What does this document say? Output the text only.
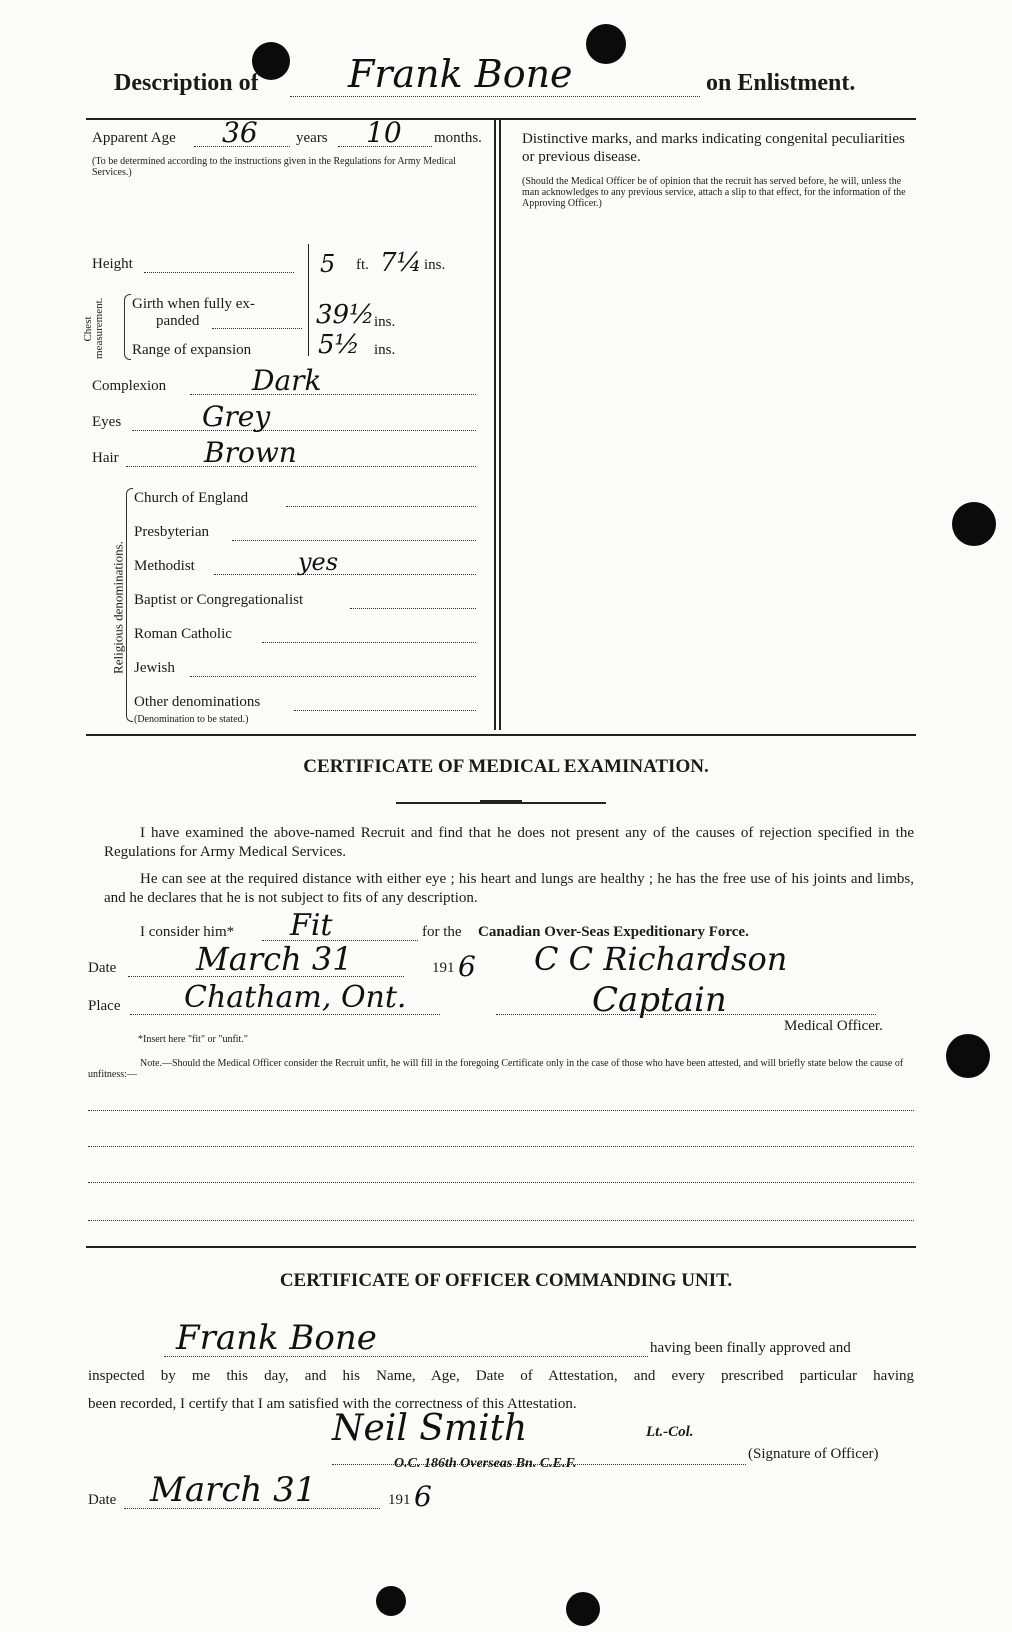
Description of Frank Bone	on Enlistment.
Apparent Age 36	years 10 months.
(To be determined according to the instructions given in the Regulations for Army Medical Services.)
Height	5 ft. 7¼ ins.
Chest measurement. Girth when fully ex-
panded	39½ ins.
Range of expansion	5½ ins.
Complexion	Dark
Eyes	Grey
Hair	Brown
Religious denominations.
Church of England
Presbyterian
Methodist	yes
Baptist or Congregationalist
Roman Catholic
Jewish
Other denominations
(Denomination to be stated.)
Distinctive marks, and marks indicating congenital peculiarities or previous disease.
(Should the Medical Officer be of opinion that the recruit has served before, he will, unless the man acknowledges to any previous service, attach a slip to that effect, for the information of the Approving Officer.)
CERTIFICATE OF MEDICAL EXAMINATION.
I have examined the above-named Recruit and find that he does not present any of the causes of rejection specified in the Regulations for Army Medical Services.
He can see at the required distance with either eye ; his heart and lungs are healthy ; he has the free use of his joints and limbs, and he declares that he is not subject to fits of any description.
I consider him* Fit	for the Canadian Over-Seas Expeditionary Force.
Date March 31	191 6 C C Richardson
Place Chatham, Ont.	Captain
Medical Officer.
*Insert here "fit" or "unfit."
Note.—Should the Medical Officer consider the Recruit unfit, he will fill in the foregoing Certificate only in the case of those who have been attested, and will briefly state below the cause of unfitness:—
CERTIFICATE OF OFFICER COMMANDING UNIT.
Frank Bone	having been finally approved and
inspected by me this day, and his Name, Age, Date of Attestation, and every prescribed particular having
been recorded, I certify that I am satisfied with the correctness of this Attestation.
Neil Smith	Lt.-Col.
O.C. 186th Overseas Bn. C.E.F.
(Signature of Officer)
Date March 31	191 6
